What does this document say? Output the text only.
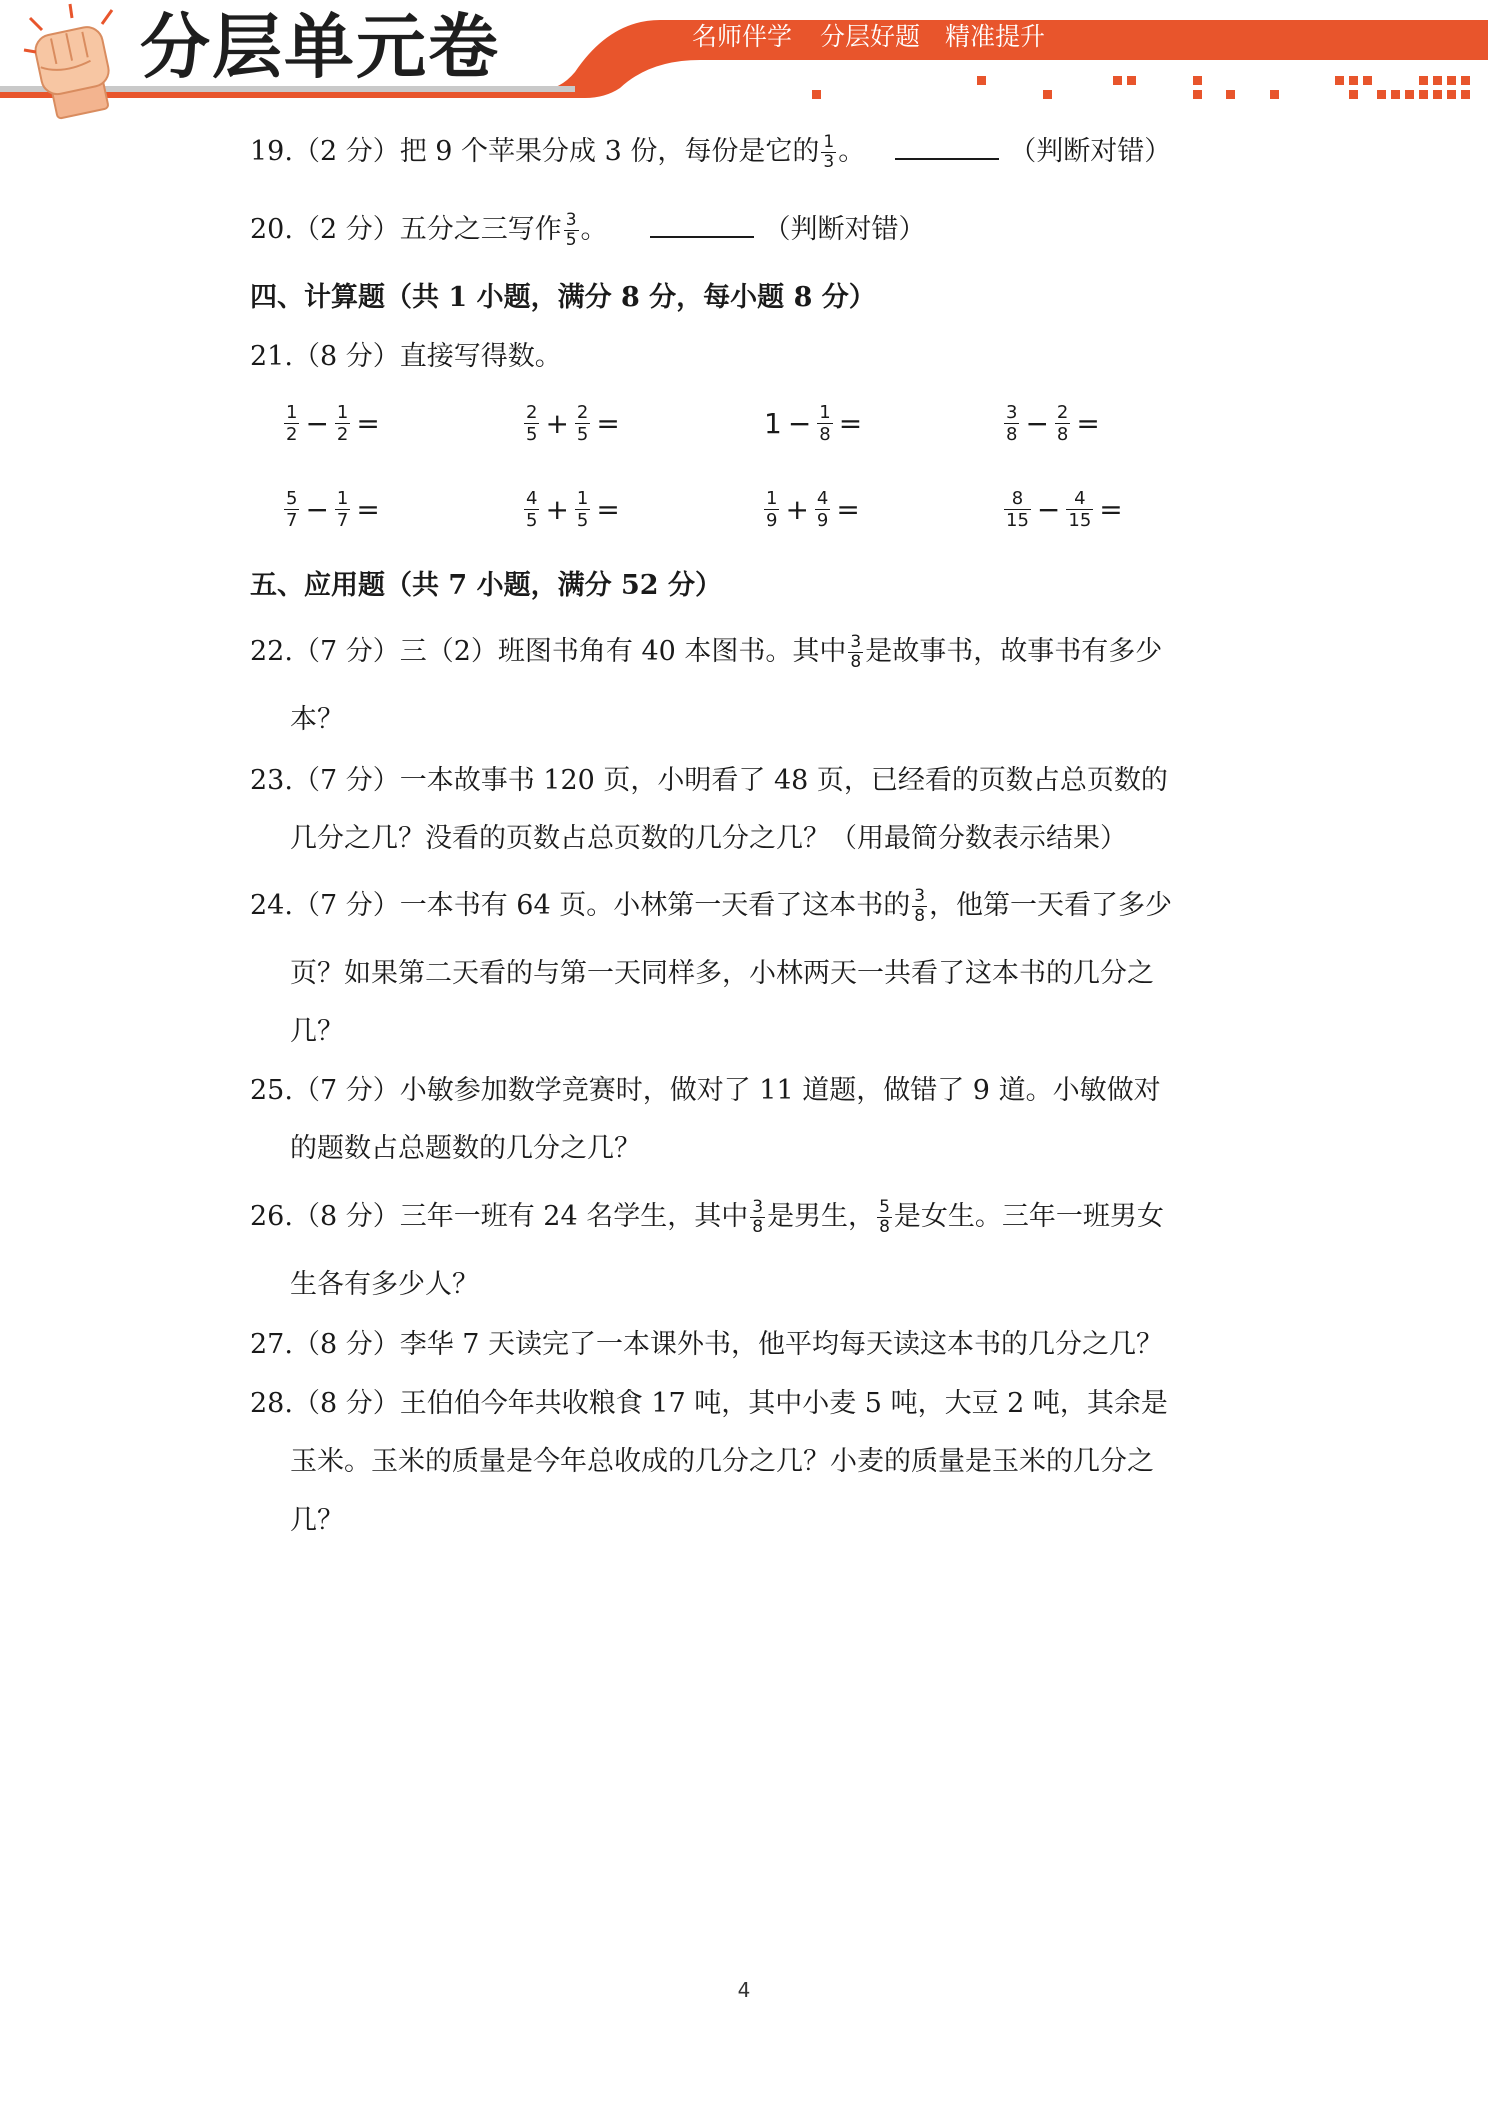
分层单元卷	名师伴学 分层好题 精准提升
19.（2 分）把 9 个苹果分成 3 份，每份是它的 $\frac{1}{3}$ 。	（判断对错）
20.（2 分）五分之三写作 $\frac{3}{5}$ 。	（判断对错）
四、计算题（共 1 小题，满分 8 分，每小题 8 分）
21.（8 分）直接写得数。
$\frac{1}{2} - \frac{1}{2}$ =	$\frac{2}{5} + \frac{2}{5}$ =	$1 - \frac{1}{8}$ =	$\frac{3}{8} - \frac{2}{8}$ =
$\frac{5}{7} - \frac{1}{7}$ =	$\frac{4}{5} + \frac{1}{5}$ =	$\frac{1}{9} + \frac{4}{9}$ =	$\frac{8}{15} - \frac{4}{15}$ =
五、应用题（共 7 小题，满分 52 分）
22.（7 分）三（2）班图书角有 40 本图书。其中 $\frac{3}{8}$ 是故事书，故事书有多少
本？
23.（7 分）一本故事书 120 页，小明看了 48 页，已经看的页数占总页数的
几分之几？没看的页数占总页数的几分之几？（用最简分数表示结果）
24.（7 分）一本书有 64 页。小林第一天看了这本书的 $\frac{3}{8}$ ，他第一天看了多少
页？如果第二天看的与第一天同样多，小林两天一共看了这本书的几分之
几？
25.（7 分）小敏参加数学竞赛时，做对了 11 道题，做错了 9 道。小敏做对
的题数占总题数的几分之几？
26.（8 分）三年一班有 24 名学生，其中 $\frac{3}{8}$ 是男生， $\frac{5}{8}$ 是女生。三年一班男女
生各有多少人？
27.（8 分）李华 7 天读完了一本课外书，他平均每天读这本书的几分之几？
28.（8 分）王伯伯今年共收粮食 17 吨，其中小麦 5 吨，大豆 2 吨，其余是
玉米。玉米的质量是今年总收成的几分之几？小麦的质量是玉米的几分之
几？
4
